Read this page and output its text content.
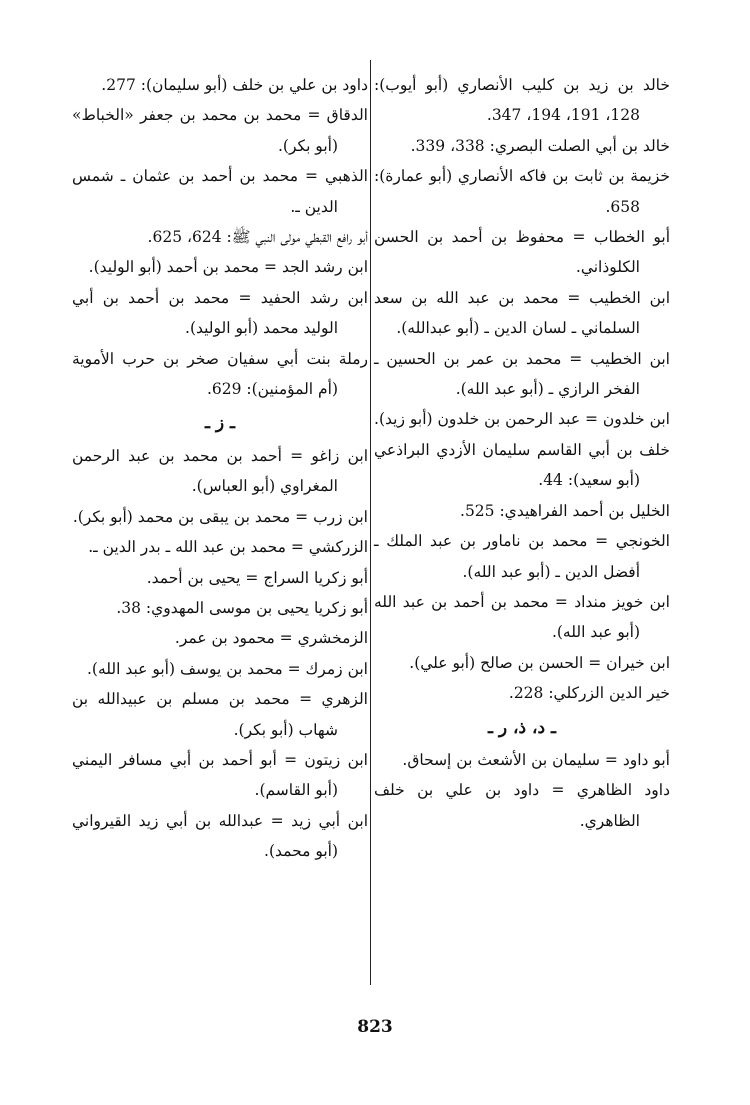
خالد بن زيد بن كليب الأنصاري (أبو أيوب): 128، 191، 194، 347.
خالد بن أبي الصلت البصري: 338، 339.
خزيمة بن ثابت بن فاكه الأنصاري (أبو عمارة): 658.
أبو الخطاب = محفوظ بن أحمد بن الحسن الكلوذاني.
ابن الخطيب = محمد بن عبد الله بن سعد السلماني ـ لسان الدين ـ (أبو عبدالله).
ابن الخطيب = محمد بن عمر بن الحسين ـ الفخر الرازي ـ (أبو عبد الله).
ابن خلدون = عبد الرحمن بن خلدون (أبو زيد).
خلف بن أبي القاسم سليمان الأزدي البراذعي (أبو سعيد): 44.
الخليل بن أحمد الفراهيدي: 525.
الخونجي = محمد بن ناماور بن عبد الملك ـ أفضل الدين ـ (أبو عبد الله).
ابن خويز منداد = محمد بن أحمد بن عبد الله (أبو عبد الله).
ابن خيران = الحسن بن صالح (أبو علي).
خير الدين الزركلي: 228.
ـ د، ذ، ر ـ
أبو داود = سليمان بن الأشعث بن إسحاق.
داود الظاهري = داود بن علي بن خلف الظاهري.
داود بن علي بن خلف (أبو سليمان): 277.
الدقاق = محمد بن محمد بن جعفر «الخباط» (أبو بكر).
الذهبي = محمد بن أحمد بن عثمان ـ شمس الدين ـ.
أبو رافع القبطي مولى النبي ﷺ: 624، 625.
ابن رشد الجد = محمد بن أحمد (أبو الوليد).
ابن رشد الحفيد = محمد بن أحمد بن أبي الوليد محمد (أبو الوليد).
رملة بنت أبي سفيان صخر بن حرب الأموية (أم المؤمنين): 629.
ـ ز ـ
ابن زاغو = أحمد بن محمد بن عبد الرحمن المغراوي (أبو العباس).
ابن زرب = محمد بن يبقى بن محمد (أبو بكر).
الزركشي = محمد بن عبد الله ـ بدر الدين ـ.
أبو زكريا السراج = يحيى بن أحمد.
أبو زكريا يحيى بن موسى المهدوي: 38.
الزمخشري = محمود بن عمر.
ابن زمرك = محمد بن يوسف (أبو عبد الله).
الزهري = محمد بن مسلم بن عبيدالله بن شهاب (أبو بكر).
ابن زيتون = أبو أحمد بن أبي مسافر اليمني (أبو القاسم).
ابن أبي زيد = عبدالله بن أبي زيد القيرواني (أبو محمد).
823
